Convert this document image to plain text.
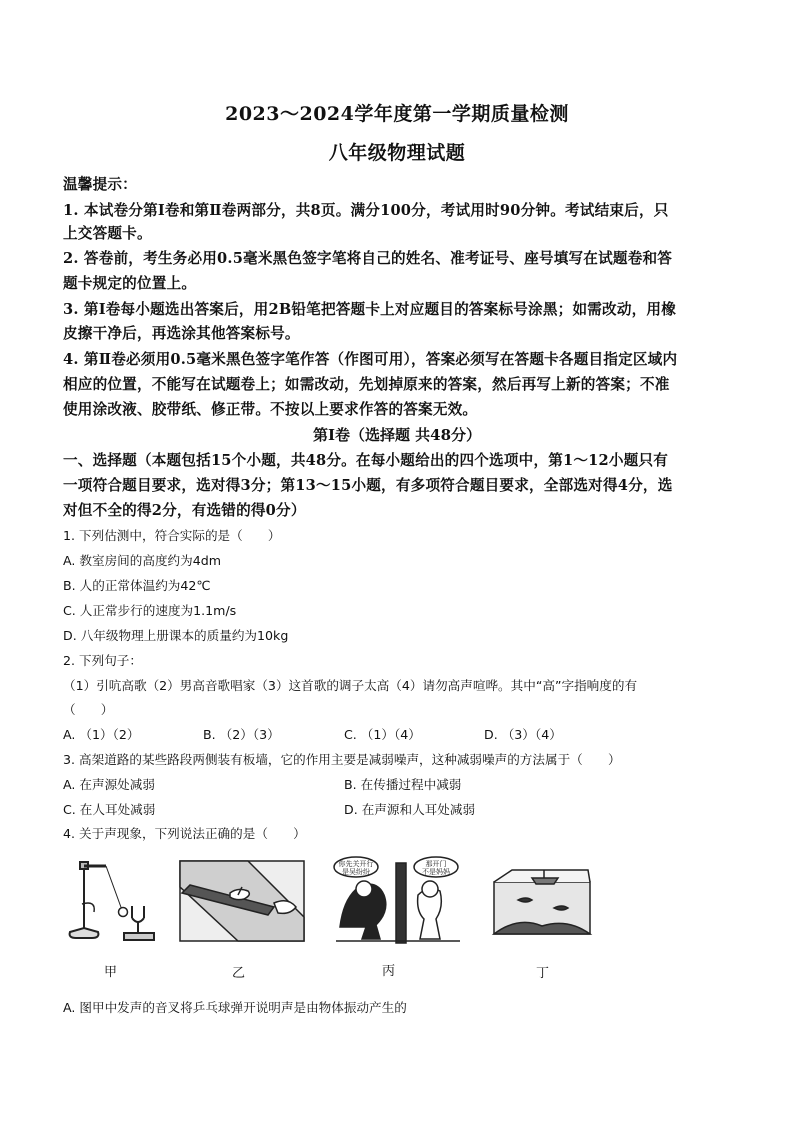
2023～2024学年度第一学期质量检测
八年级物理试题
温馨提示：
1. 本试卷分第Ⅰ卷和第Ⅱ卷两部分，共8页。满分100分，考试用时90分钟。考试结束后，只
上交答题卡。
2. 答卷前，考生务必用0.5毫米黑色签字笔将自己的姓名、准考证号、座号填写在试题卷和答
题卡规定的位置上。
3. 第Ⅰ卷每小题选出答案后，用2B铅笔把答题卡上对应题目的答案标号涂黑；如需改动，用橡
皮擦干净后，再选涂其他答案标号。
4. 第Ⅱ卷必须用0.5毫米黑色签字笔作答（作图可用），答案必须写在答题卡各题目指定区域内
相应的位置，不能写在试题卷上；如需改动，先划掉原来的答案，然后再写上新的答案；不准
使用涂改液、胶带纸、修正带。不按以上要求作答的答案无效。
第Ⅰ卷（选择题 共48分）
一、选择题（本题包括15个小题，共48分。在每小题给出的四个选项中，第1～12小题只有
一项符合题目要求，选对得3分；第13～15小题，有多项符合题目要求，全部选对得4分，选
对但不全的得2分，有选错的得0分）
1. 下列估测中，符合实际的是（　　）
A. 教室房间的高度约为4dm
B. 人的正常体温约为42℃
C. 人正常步行的速度为1.1m/s
D. 八年级物理上册课本的质量约为10kg
2. 下列句子：
（1）引吭高歌（2）男高音歌唱家（3）这首歌的调子太高（4）请勿高声喧哗。其中“高”字指响度的有
（　　）
A. （1）（2）	B. （2）（3）	C. （1）（4）	D. （3）（4）
3. 高架道路的某些路段两侧装有板墙，它的作用主要是减弱噪声，这种减弱噪声的方法属于（　　）
A. 在声源处减弱	B. 在传播过程中减弱
C. 在人耳处减弱	D. 在声源和人耳处减弱
4. 关于声现象，下列说法正确的是（　　）
你先关开行
是吴纷纷
那开门
不是妈妈
甲	乙	丙	丁
A. 图甲中发声的音叉将乒乓球弹开说明声是由物体振动产生的
